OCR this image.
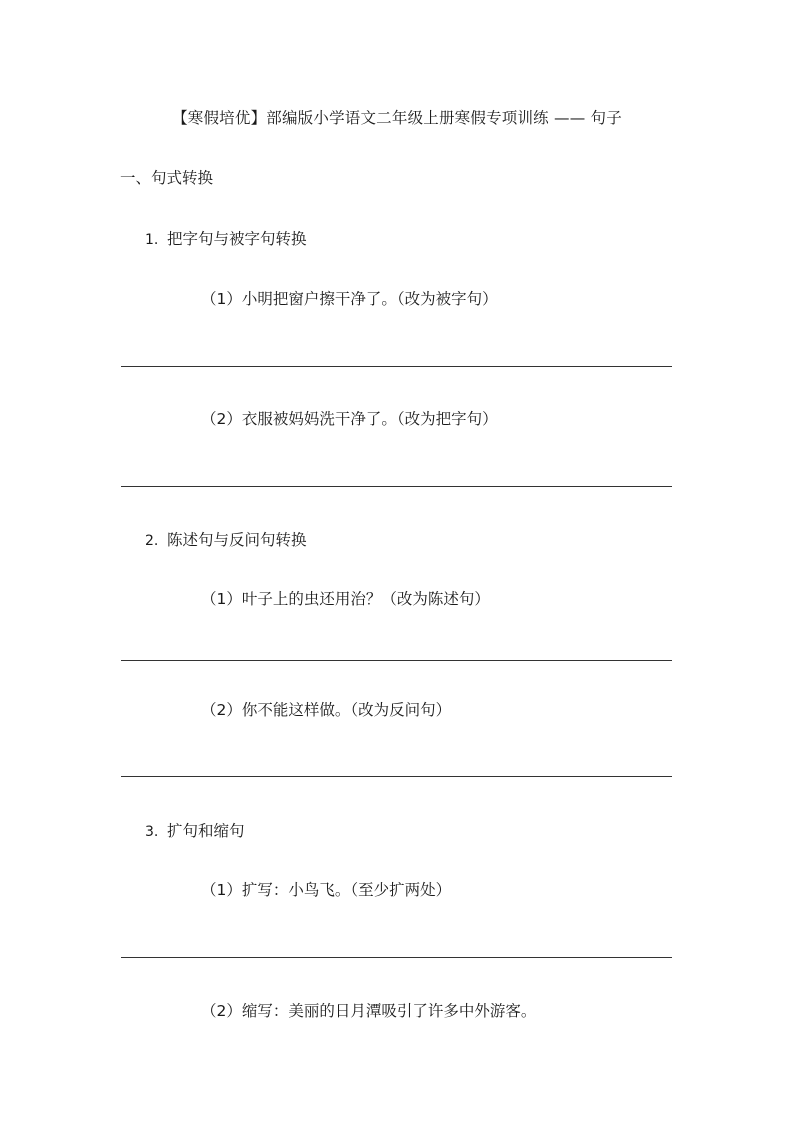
【寒假培优】部编版小学语文二年级上册寒假专项训练 —— 句子
一、句式转换
1. 把字句与被字句转换
（1）小明把窗户擦干净了。（改为被字句）
（2）衣服被妈妈洗干净了。（改为把字句）
2. 陈述句与反问句转换
（1）叶子上的虫还用治？（改为陈述句）
（2）你不能这样做。（改为反问句）
3. 扩句和缩句
（1）扩写：小鸟飞。（至少扩两处）
（2）缩写：美丽的日月潭吸引了许多中外游客。
